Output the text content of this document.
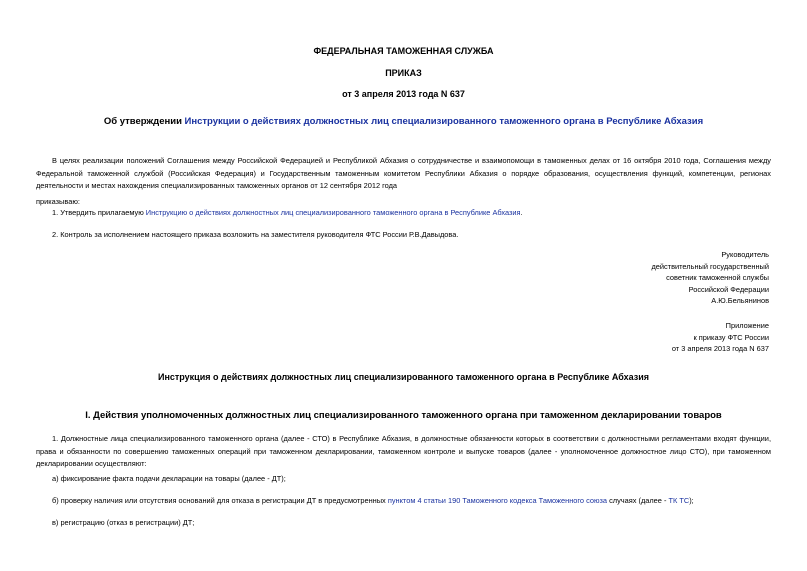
ФЕДЕРАЛЬНАЯ ТАМОЖЕННАЯ СЛУЖБА
ПРИКАЗ
от 3 апреля 2013 года N 637
Об утверждении Инструкции о действиях должностных лиц специализированного таможенного органа в Республике Абхазия
В целях реализации положений Соглашения между Российской Федерацией и Республикой Абхазия о сотрудничестве и взаимопомощи в таможенных делах от 16 октября 2010 года, Соглашения между Федеральной таможенной службой (Российская Федерация) и Государственным таможенным комитетом Республики Абхазия о порядке образования, осуществления функций, компетенции, регионах деятельности и местах нахождения специализированных таможенных органов от 12 сентября 2012 года
приказываю:
1. Утвердить прилагаемую Инструкцию о действиях должностных лиц специализированного таможенного органа в Республике Абхазия.
2. Контроль за исполнением настоящего приказа возложить на заместителя руководителя ФТС России Р.В.Давыдова.
Руководитель
действительный государственный
советник таможенной службы
Российской Федерации
А.Ю.Бельянинов
Приложение
к приказу ФТС России
от 3 апреля 2013 года N 637
Инструкция о действиях должностных лиц специализированного таможенного органа в Республике Абхазия
I. Действия уполномоченных должностных лиц специализированного таможенного органа при таможенном декларировании товаров
1. Должностные лица специализированного таможенного органа (далее - СТО) в Республике Абхазия, в должностные обязанности которых в соответствии с должностными регламентами входят функции, права и обязанности по совершению таможенных операций при таможенном декларировании, таможенном контроле и выпуске товаров (далее - уполномоченное должностное лицо СТО), при таможенном декларировании осуществляют:
а) фиксирование факта подачи декларации на товары (далее - ДТ);
б) проверку наличия или отсутствия оснований для отказа в регистрации ДТ в предусмотренных пунктом 4 статьи 190 Таможенного кодекса Таможенного союза случаях (далее - ТК ТС);
в) регистрацию (отказ в регистрации) ДТ;
